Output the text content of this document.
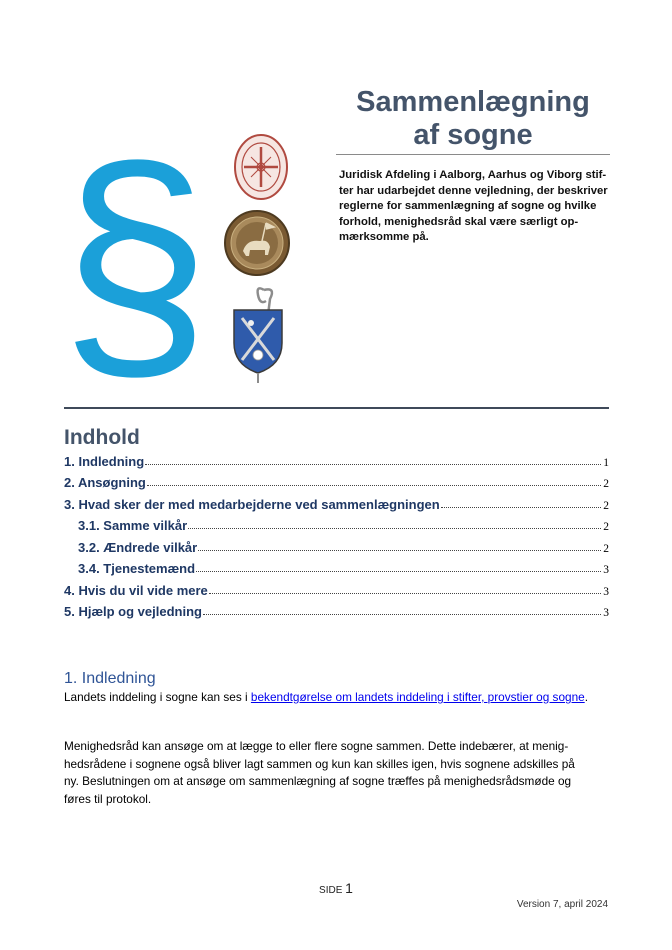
§
Sammenlægning
af sogne
Juridisk Afdeling i Aalborg, Aarhus og Viborg stif-
ter har udarbejdet denne vejledning, der beskriver
reglerne for sammenlægning af sogne og hvilke
forhold, menighedsråd skal være særligt op-
mærksomme på.
Indhold
1. Indledning	1
2. Ansøgning	2
3. Hvad sker der med medarbejderne ved sammenlægningen	2
3.1. Samme vilkår	2
3.2. Ændrede vilkår	2
3.4. Tjenestemænd	3
4. Hvis du vil vide mere	3
5. Hjælp og vejledning	3
1. Indledning
Landets inddeling i sogne kan ses i bekendtgørelse om landets inddeling i stifter, provstier og sogne.
Menighedsråd kan ansøge om at lægge to eller flere sogne sammen. Dette indebærer, at menig-
hedsrådene i sognene også bliver lagt sammen og kun kan skilles igen, hvis sognene adskilles på
ny. Beslutningen om at ansøge om sammenlægning af sogne træffes på menighedsrådsmøde og
føres til protokol.
SIDE 1
Version 7, april 2024
